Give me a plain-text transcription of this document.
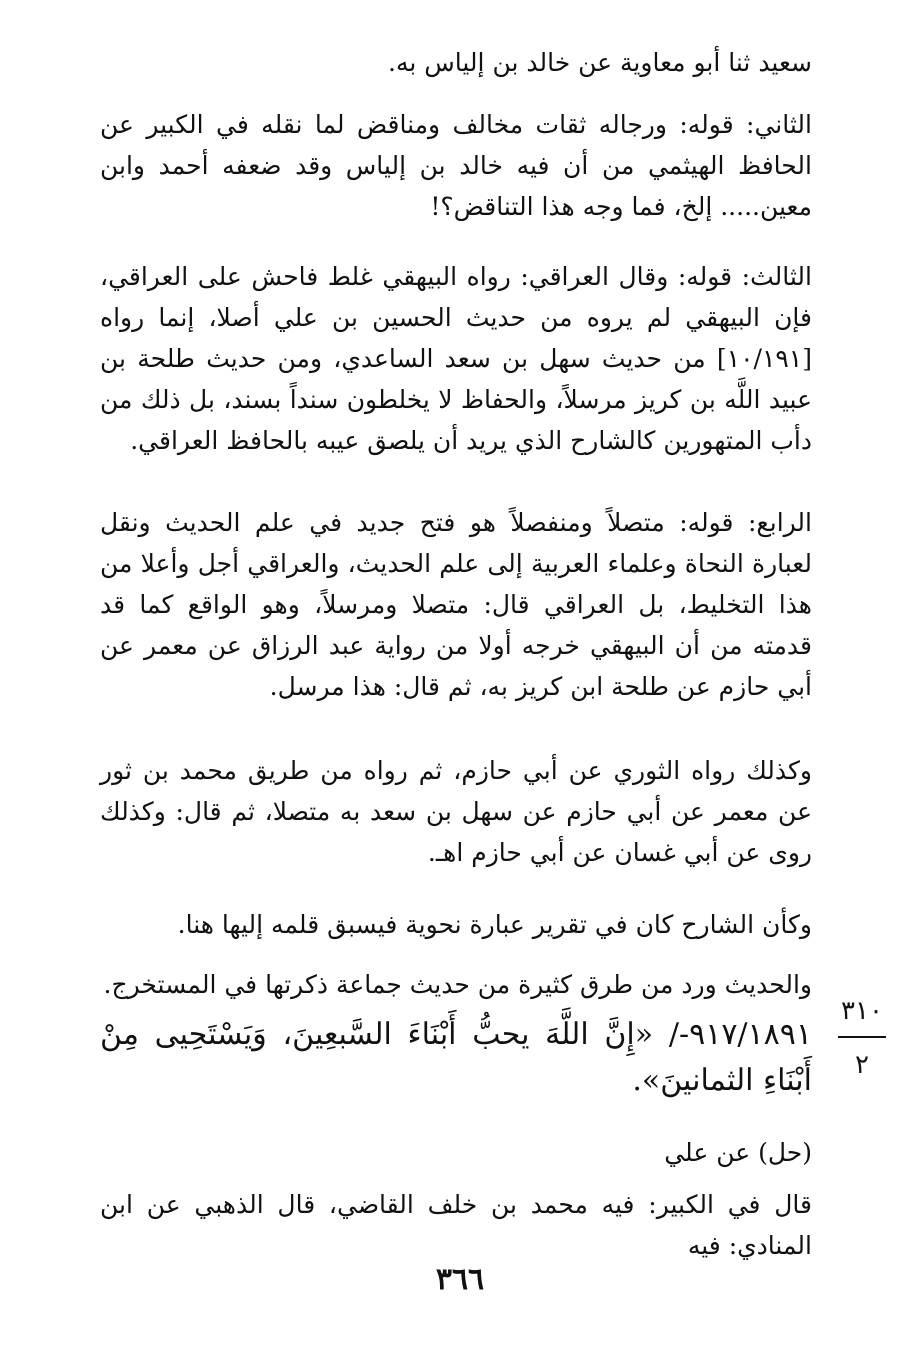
سعيد ثنا أبو معاوية عن خالد بن إلياس به.

الثاني: قوله: ورجاله ثقات مخالف ومناقض لما نقله في الكبير عن الحافظ الهيثمي من أن فيه خالد بن إلياس وقد ضعفه أحمد وابن معين..... إلخ، فما وجه هذا التناقض؟!

الثالث: قوله: وقال العراقي: رواه البيهقي غلط فاحش على العراقي، فإن البيهقي لم يروه من حديث الحسين بن علي أصلا، إنما رواه [١٠/١٩١] من حديث سهل بن سعد الساعدي، ومن حديث طلحة بن عبيد اللَّه بن كريز مرسلاً، والحفاظ لا يخلطون سنداً بسند، بل ذلك من دأب المتهورين كالشارح الذي يريد أن يلصق عيبه بالحافظ العراقي.

الرابع: قوله: متصلاً ومنفصلاً هو فتح جديد في علم الحديث ونقل لعبارة النحاة وعلماء العربية إلى علم الحديث، والعراقي أجل وأعلا من هذا التخليط، بل العراقي قال: متصلا ومرسلاً، وهو الواقع كما قد قدمته من أن البيهقي خرجه أولا من رواية عبد الرزاق عن معمر عن أبي حازم عن طلحة ابن كريز به، ثم قال: هذا مرسل.

وكذلك رواه الثوري عن أبي حازم، ثم رواه من طريق محمد بن ثور عن معمر عن أبي حازم عن سهل بن سعد به متصلا، ثم قال: وكذلك روى عن أبي غسان عن أبي حازم اهـ.

وكأن الشارح كان في تقرير عبارة نحوية فيسبق قلمه إليها هنا.

والحديث ورد من طرق كثيرة من حديث جماعة ذكرتها في المستخرج.

٩١٧/١٨٩١-/ «إِنَّ اللَّهَ يحبُّ أَبْنَاءَ السَّبعِينَ، وَيَسْتَحِيى مِنْ أَبْنَاءِ الثمانينَ».

(حل) عن علي

قال في الكبير: فيه محمد بن خلف القاضي، قال الذهبي عن ابن المنادي: فيه

٣١٠
٢
٣٦٦
